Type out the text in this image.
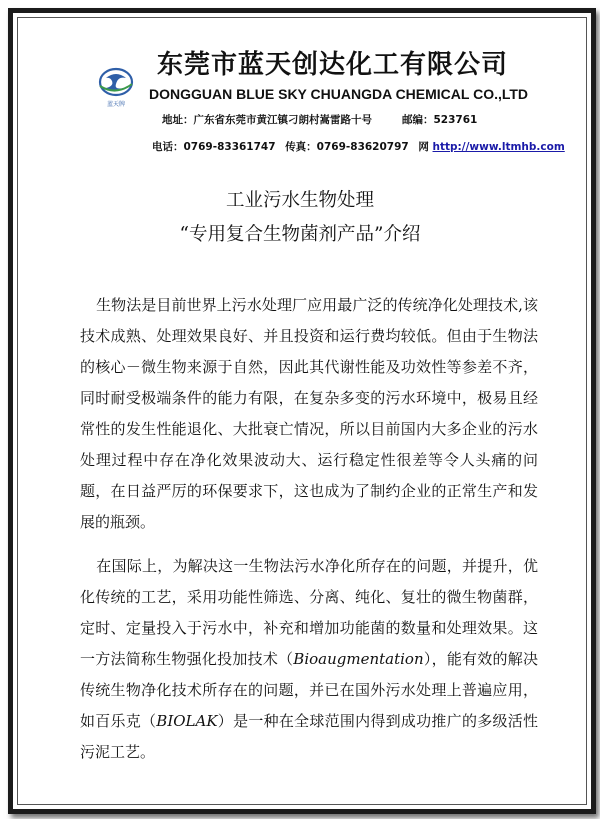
蓝天牌
东莞市蓝天创达化工有限公司
DONGGUAN BLUE SKY CHUANGDA CHEMICAL CO.,LTD
地址：广东省东莞市黄江镇刁朗村嵩雷路十号	邮编：523761
电话：0769-83361747 传真：0769-83620797 网 http://www.ltmhb.com
工业污水生物处理
“专用复合生物菌剂产品”介绍

生物法是目前世界上污水处理厂应用最广泛的传统净化处理技术,该技术成熟、处理效果良好、并且投资和运行费均较低。但由于生物法的核心－微生物来源于自然，因此其代谢性能及功效性等参差不齐，同时耐受极端条件的能力有限，在复杂多变的污水环境中，极易且经常性的发生性能退化、大批衰亡情况，所以目前国内大多企业的污水处理过程中存在净化效果波动大、运行稳定性很差等令人头痛的问题，在日益严厉的环保要求下，这也成为了制约企业的正常生产和发展的瓶颈。

在国际上，为解决这一生物法污水净化所存在的问题，并提升，优化传统的工艺，采用功能性筛选、分离、纯化、复壮的微生物菌群，定时、定量投入于污水中，补充和增加功能菌的数量和处理效果。这一方法简称生物强化投加技术（Bioaugmentation），能有效的解决传统生物净化技术所存在的问题，并已在国外污水处理上普遍应用，如百乐克（BIOLAK）是一种在全球范围内得到成功推广的多级活性污泥工艺。
